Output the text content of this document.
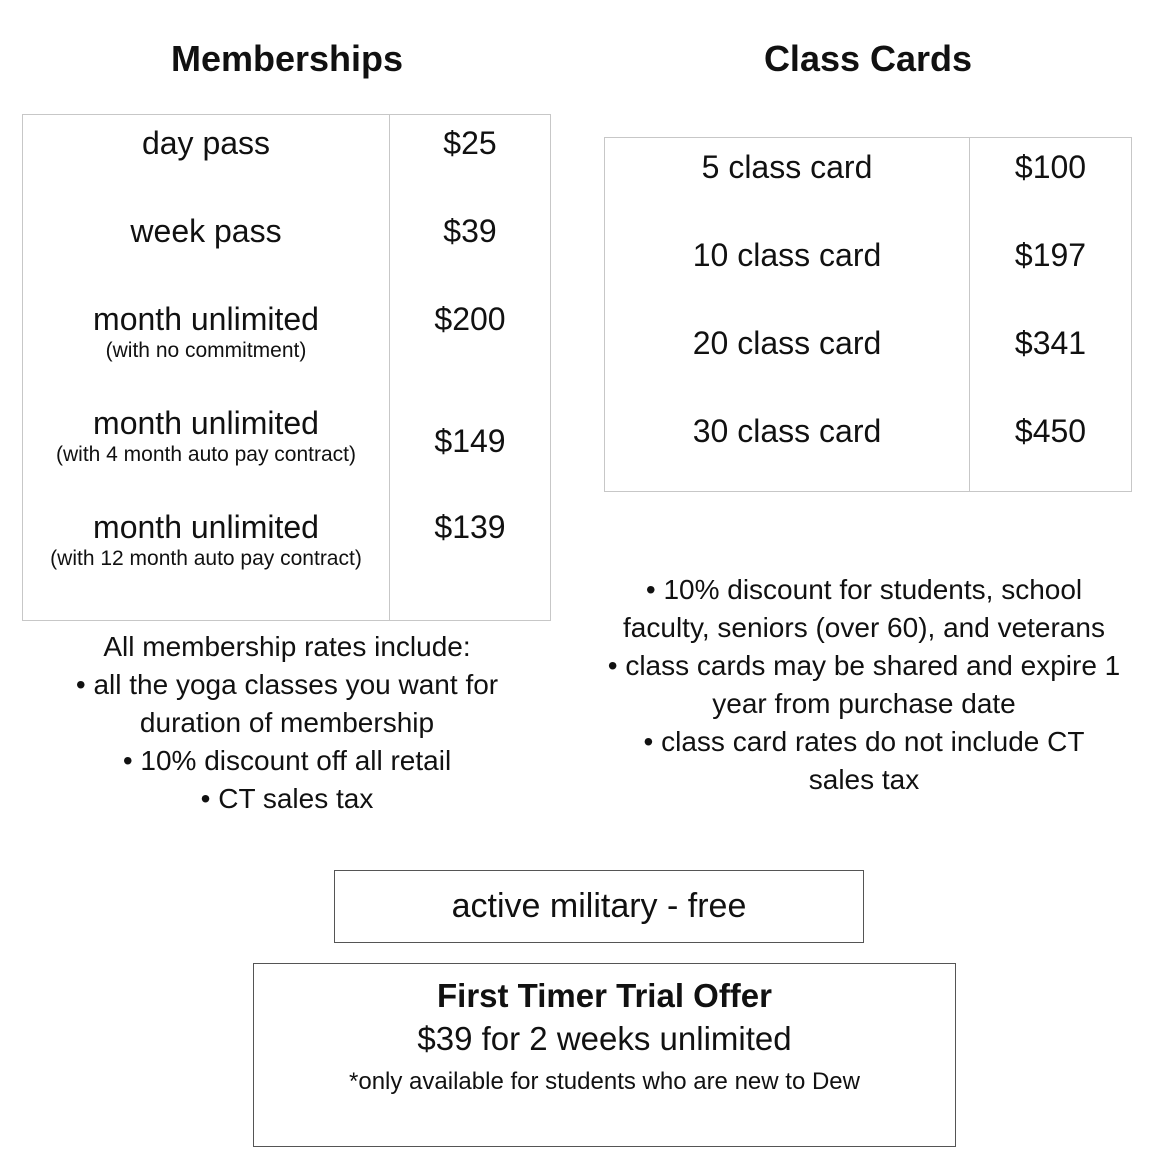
Memberships	Class Cards
day pass	$25

week pass	$39

month unlimited
(with no commitment)	$200

month unlimited
(with 4 month auto pay contract)	$149

month unlimited
(with 12 month auto pay contract)	$139
5 class card	$100

10 class card	$197

20 class card	$341

30 class card	$450
All membership rates include:
• all the yoga classes you want for
duration of membership
• 10% discount off all retail
• CT sales tax
• 10% discount for students, school
faculty, seniors (over 60), and veterans
• class cards may be shared and expire 1
year from purchase date
• class card rates do not include CT
sales tax
active military - free
First Timer Trial Offer
$39 for 2 weeks unlimited
*only available for students who are new to Dew
